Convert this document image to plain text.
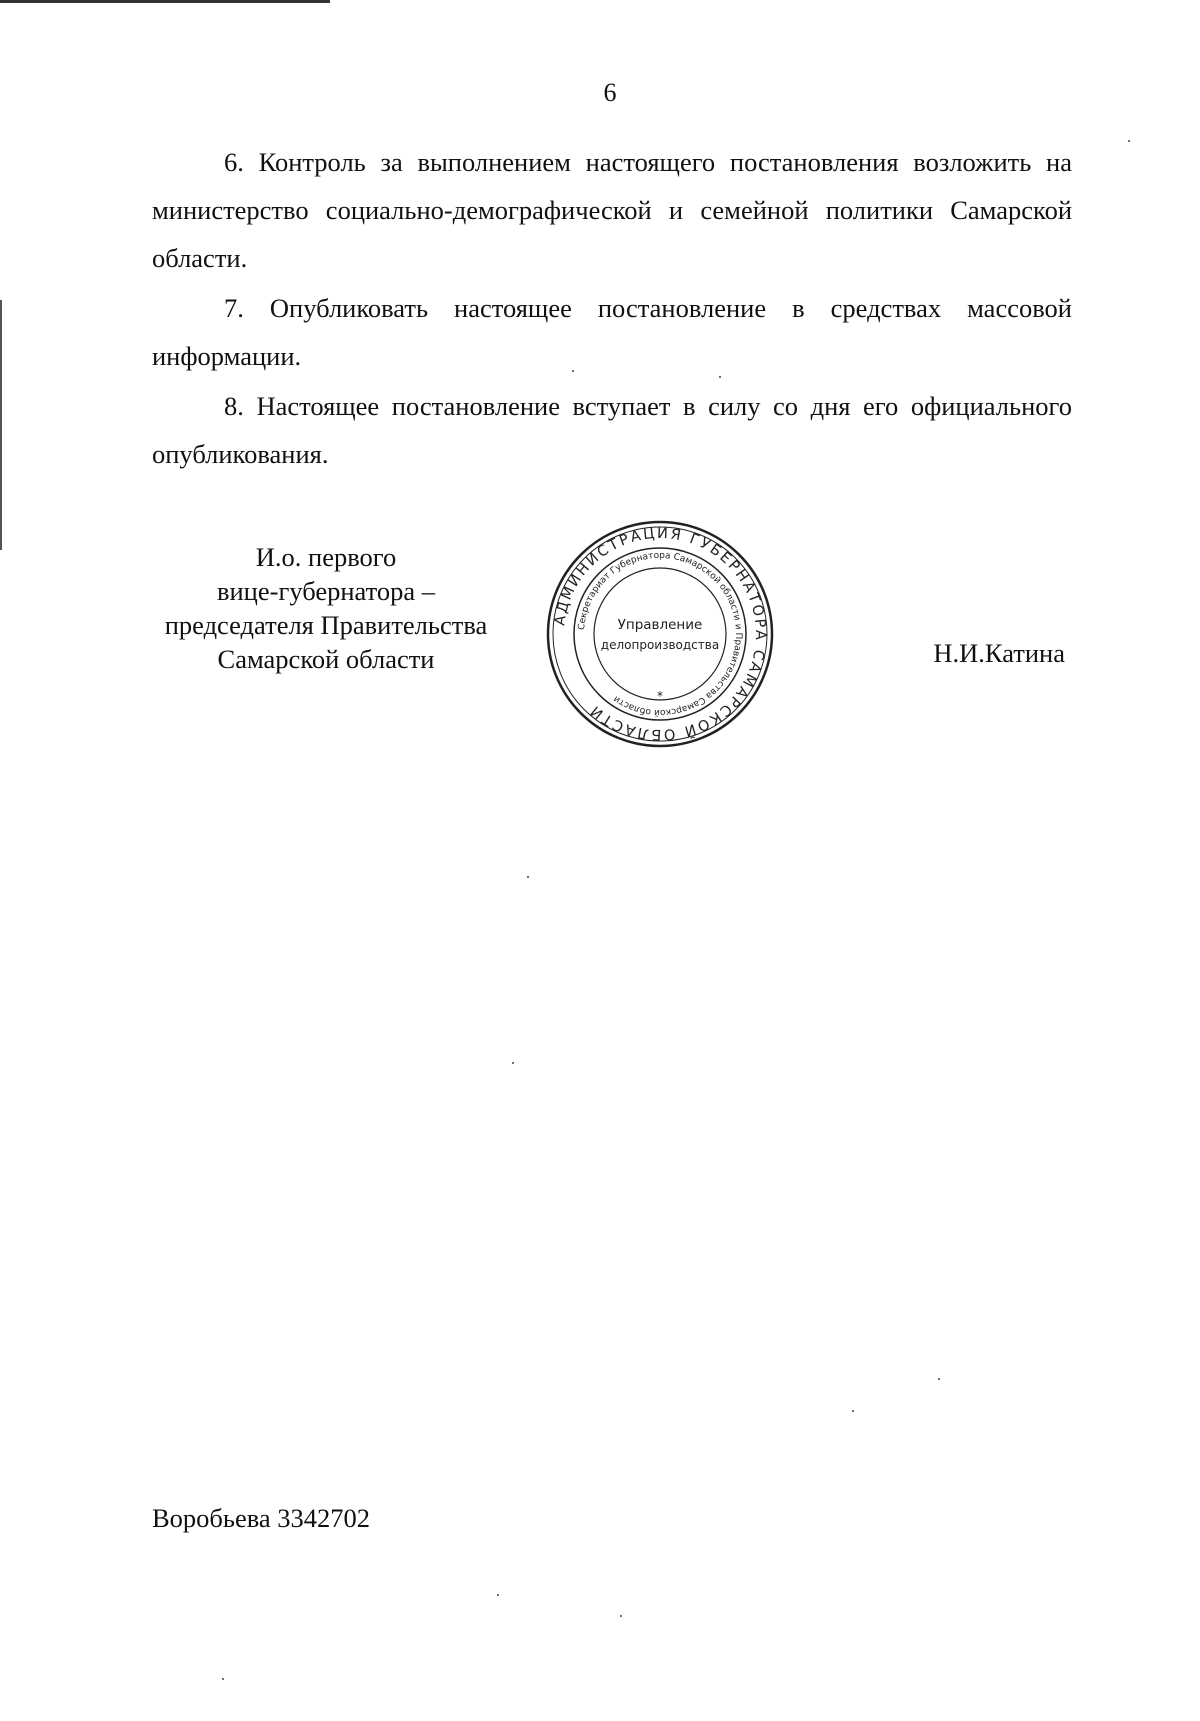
6

6. Контроль за выполнением настоящего постановления возложить на министерство социально-демографической и семейной политики Самарской области.

7. Опубликовать настоящее постановление в средствах массовой информации.

8. Настоящее постановление вступает в силу со дня его официального опубликования.

И.о. первого
вице-губернатора –
председателя Правительства
Самарской области
АДМИНИСТРАЦИЯ ГУБЕРНАТОРА САМАРСКОЙ ОБЛАСТИ
Секретариат Губернатора Самарской области и Правительства Самарской области	*
Управление
делопроизводства	Н.И.Катина
Воробьева 3342702
